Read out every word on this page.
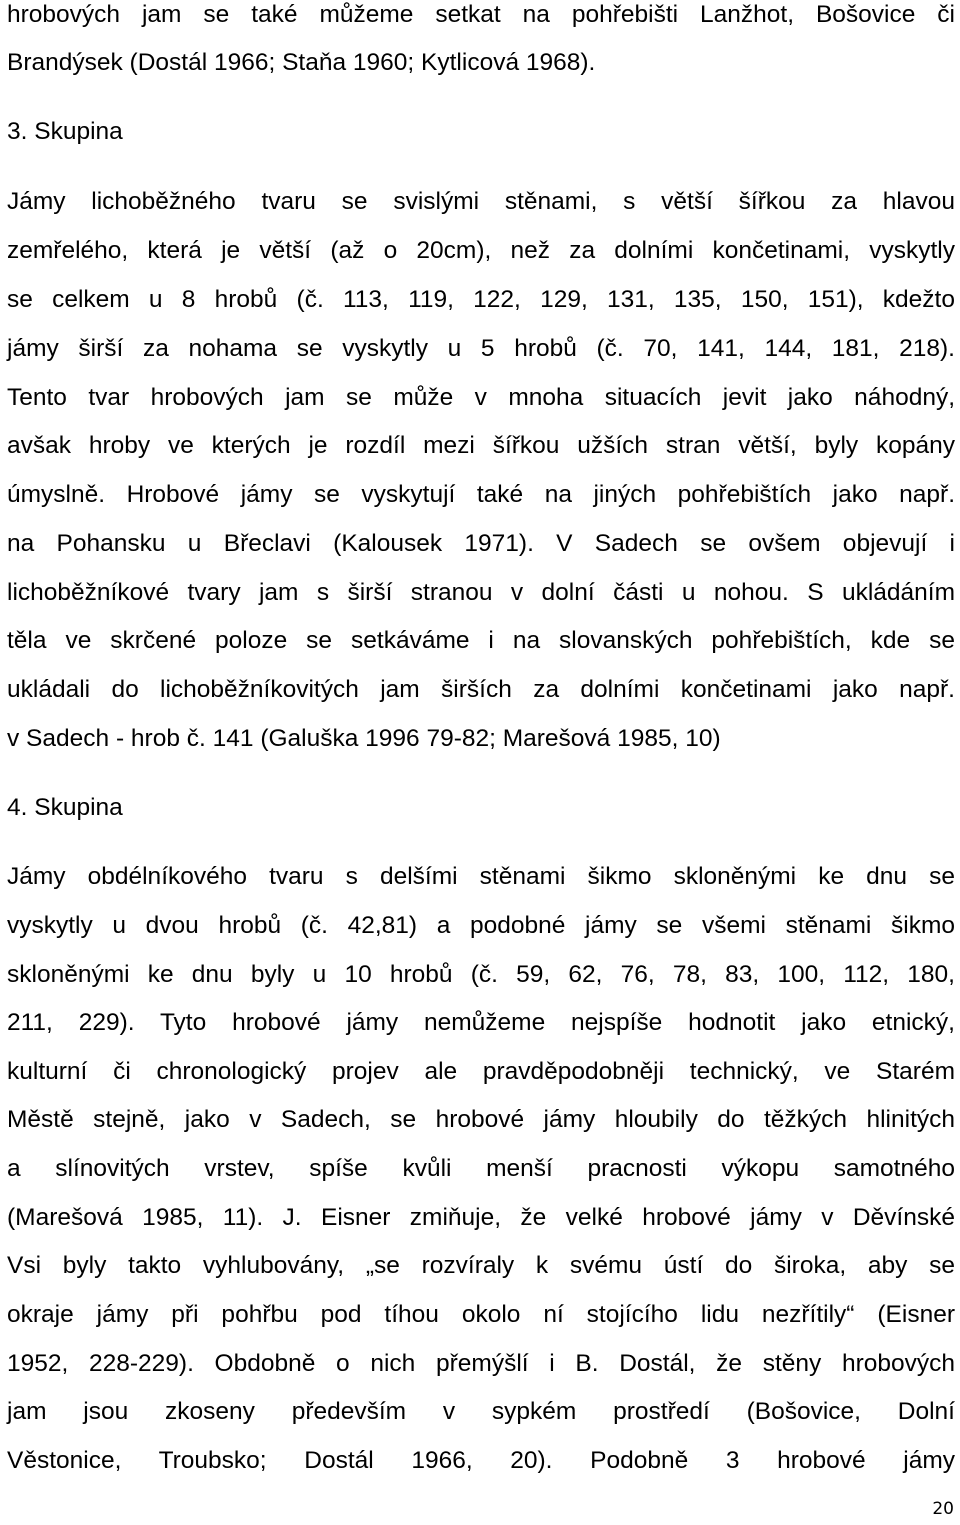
hrobových jam se také můžeme setkat na pohřebišti Lanžhot, Bošovice či
Brandýsek (Dostál 1966; Staňa 1960; Kytlicová 1968).
3. Skupina
Jámy lichoběžného tvaru se svislými stěnami, s větší šířkou za hlavou
zemřelého, která je větší (až o 20cm), než za dolními končetinami, vyskytly
se celkem u 8 hrobů (č. 113, 119, 122, 129, 131, 135, 150, 151), kdežto
jámy širší za nohama se vyskytly u 5 hrobů (č. 70, 141, 144, 181, 218).
Tento tvar hrobových jam se může v mnoha situacích jevit jako náhodný,
avšak hroby ve kterých je rozdíl mezi šířkou užších stran větší, byly kopány
úmyslně. Hrobové jámy se vyskytují také na jiných pohřebištích jako např.
na Pohansku u Břeclavi (Kalousek 1971). V Sadech se ovšem objevují i
lichoběžníkové tvary jam s širší stranou v dolní části u nohou. S ukládáním
těla ve skrčené poloze se setkáváme i na slovanských pohřebištích, kde se
ukládali do lichoběžníkovitých jam širších za dolními končetinami jako např.
v Sadech - hrob č. 141 (Galuška 1996 79-82; Marešová 1985, 10)
4. Skupina
Jámy obdélníkového tvaru s delšími stěnami šikmo skloněnými ke dnu se
vyskytly u dvou hrobů (č. 42,81) a podobné jámy se všemi stěnami šikmo
skloněnými ke dnu byly u 10 hrobů (č. 59, 62, 76, 78, 83, 100, 112, 180,
211, 229). Tyto hrobové jámy nemůžeme nejspíše hodnotit jako etnický,
kulturní či chronologický projev ale pravděpodobněji technický, ve Starém
Městě stejně, jako v Sadech, se hrobové jámy hloubily do těžkých hlinitých
a slínovitých vrstev, spíše kvůli menší pracnosti výkopu samotného
(Marešová 1985, 11). J. Eisner zmiňuje, že velké hrobové jámy v Děvínské
Vsi byly takto vyhlubovány, „se rozvíraly k svému ústí do široka, aby se
okraje jámy při pohřbu pod tíhou okolo ní stojícího lidu nezřítily“ (Eisner
1952, 228-229). Obdobně o nich přemýšlí i B. Dostál, že stěny hrobových
jam jsou zkoseny především v sypkém prostředí (Bošovice, Dolní
Věstonice, Troubsko; Dostál 1966, 20). Podobně 3 hrobové jámy
20
